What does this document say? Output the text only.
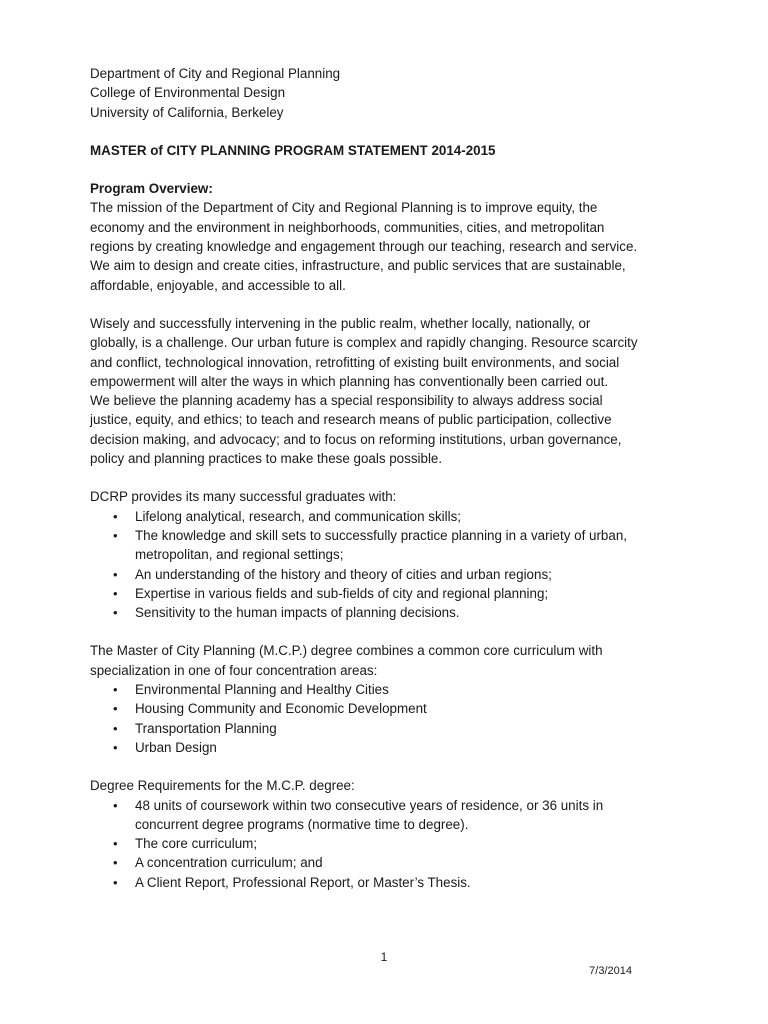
Department of City and Regional Planning
College of Environmental Design
University of California, Berkeley
MASTER of CITY PLANNING PROGRAM STATEMENT 2014-2015
Program Overview:

The mission of the Department of City and Regional Planning is to improve equity, the
economy and the environment in neighborhoods, communities, cities, and metropolitan
regions by creating knowledge and engagement through our teaching, research and service.
We aim to design and create cities, infrastructure, and public services that are sustainable,
affordable, enjoyable, and accessible to all.

Wisely and successfully intervening in the public realm, whether locally, nationally, or
globally, is a challenge. Our urban future is complex and rapidly changing. Resource scarcity
and conflict, technological innovation, retrofitting of existing built environments, and social
empowerment will alter the ways in which planning has conventionally been carried out.
We believe the planning academy has a special responsibility to always address social
justice, equity, and ethics; to teach and research means of public participation, collective
decision making, and advocacy; and to focus on reforming institutions, urban governance,
policy and planning practices to make these goals possible.

DCRP provides its many successful graduates with:
• Lifelong analytical, research, and communication skills;
• The knowledge and skill sets to successfully practice planning in a variety of urban,
metropolitan, and regional settings;
• An understanding of the history and theory of cities and urban regions;
• Expertise in various fields and sub-fields of city and regional planning;
• Sensitivity to the human impacts of planning decisions.

The Master of City Planning (M.C.P.) degree combines a common core curriculum with
specialization in one of four concentration areas:

• Environmental Planning and Healthy Cities
• Housing Community and Economic Development
• Transportation Planning
• Urban Design
Degree Requirements for the M.C.P. degree:
• 48 units of coursework within two consecutive years of residence, or 36 units in
concurrent degree programs (normative time to degree).
• The core curriculum;
• A concentration curriculum; and
• A Client Report, Professional Report, or Master’s Thesis.
1
7/3/2014
